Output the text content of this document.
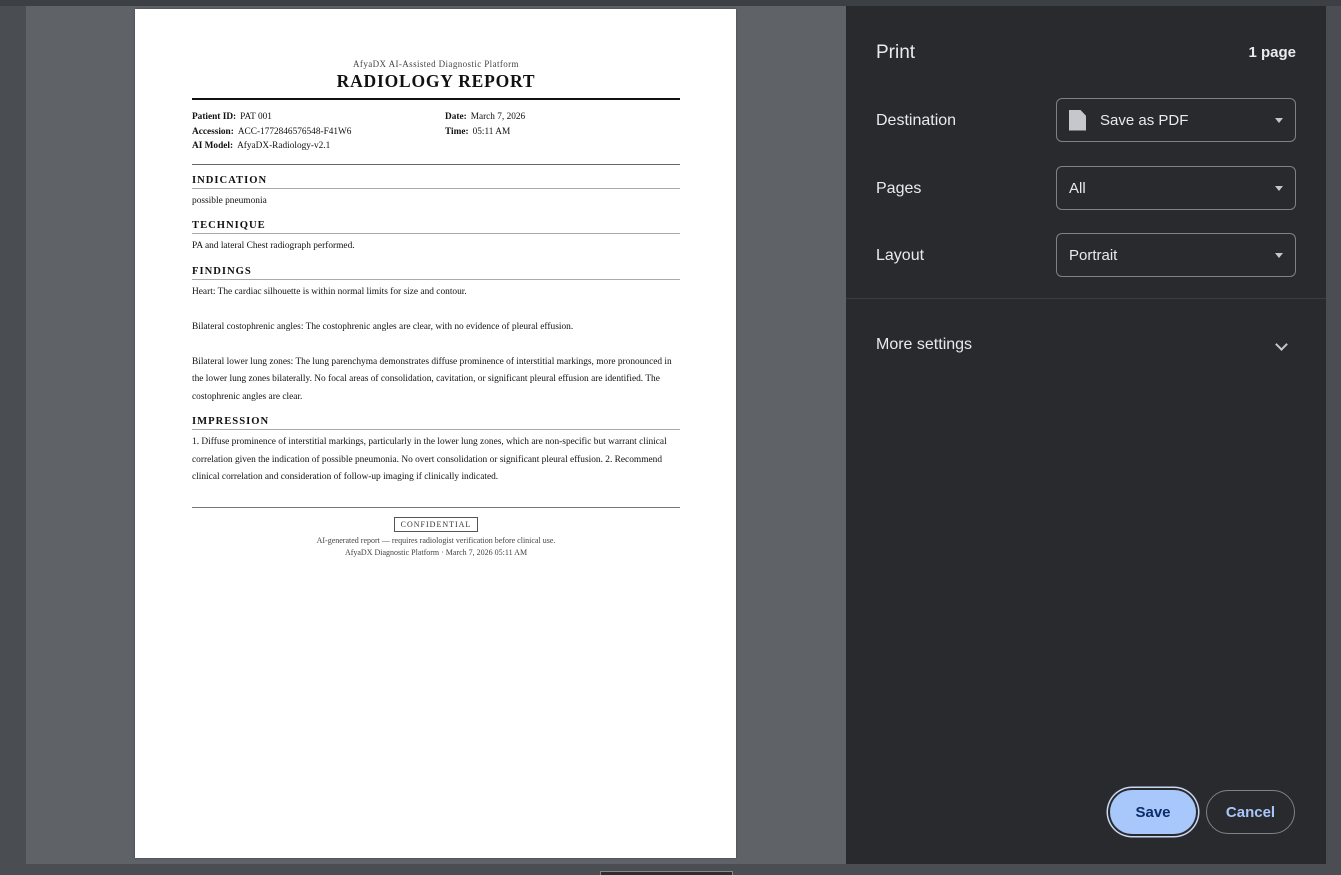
AfyaDX AI-Assisted Diagnostic Platform
RADIOLOGY REPORT
Patient ID: PAT 001
Accession: ACC-1772846576548-F41W6
AI Model: AfyaDX-Radiology-v2.1
Date: March 7, 2026
Time: 05:11 AM
INDICATION
possible pneumonia
TECHNIQUE
PA and lateral Chest radiograph performed.
FINDINGS
Heart: The cardiac silhouette is within normal limits for size and contour.
Bilateral costophrenic angles: The costophrenic angles are clear, with no evidence of pleural effusion.
Bilateral lower lung zones: The lung parenchyma demonstrates diffuse prominence of interstitial markings, more pronounced in the lower lung zones bilaterally. No focal areas of consolidation, cavitation, or significant pleural effusion are identified. The costophrenic angles are clear.
IMPRESSION
1. Diffuse prominence of interstitial markings, particularly in the lower lung zones, which are non-specific but warrant clinical correlation given the indication of possible pneumonia. No overt consolidation or significant pleural effusion. 2. Recommend clinical correlation and consideration of follow-up imaging if clinically indicated.
CONFIDENTIAL
AI-generated report — requires radiologist verification before clinical use.
AfyaDX Diagnostic Platform · March 7, 2026 05:11 AM
Print	1 page
Destination	Save as PDF
Pages	All
Layout	Portrait
More settings
Save	Cancel
